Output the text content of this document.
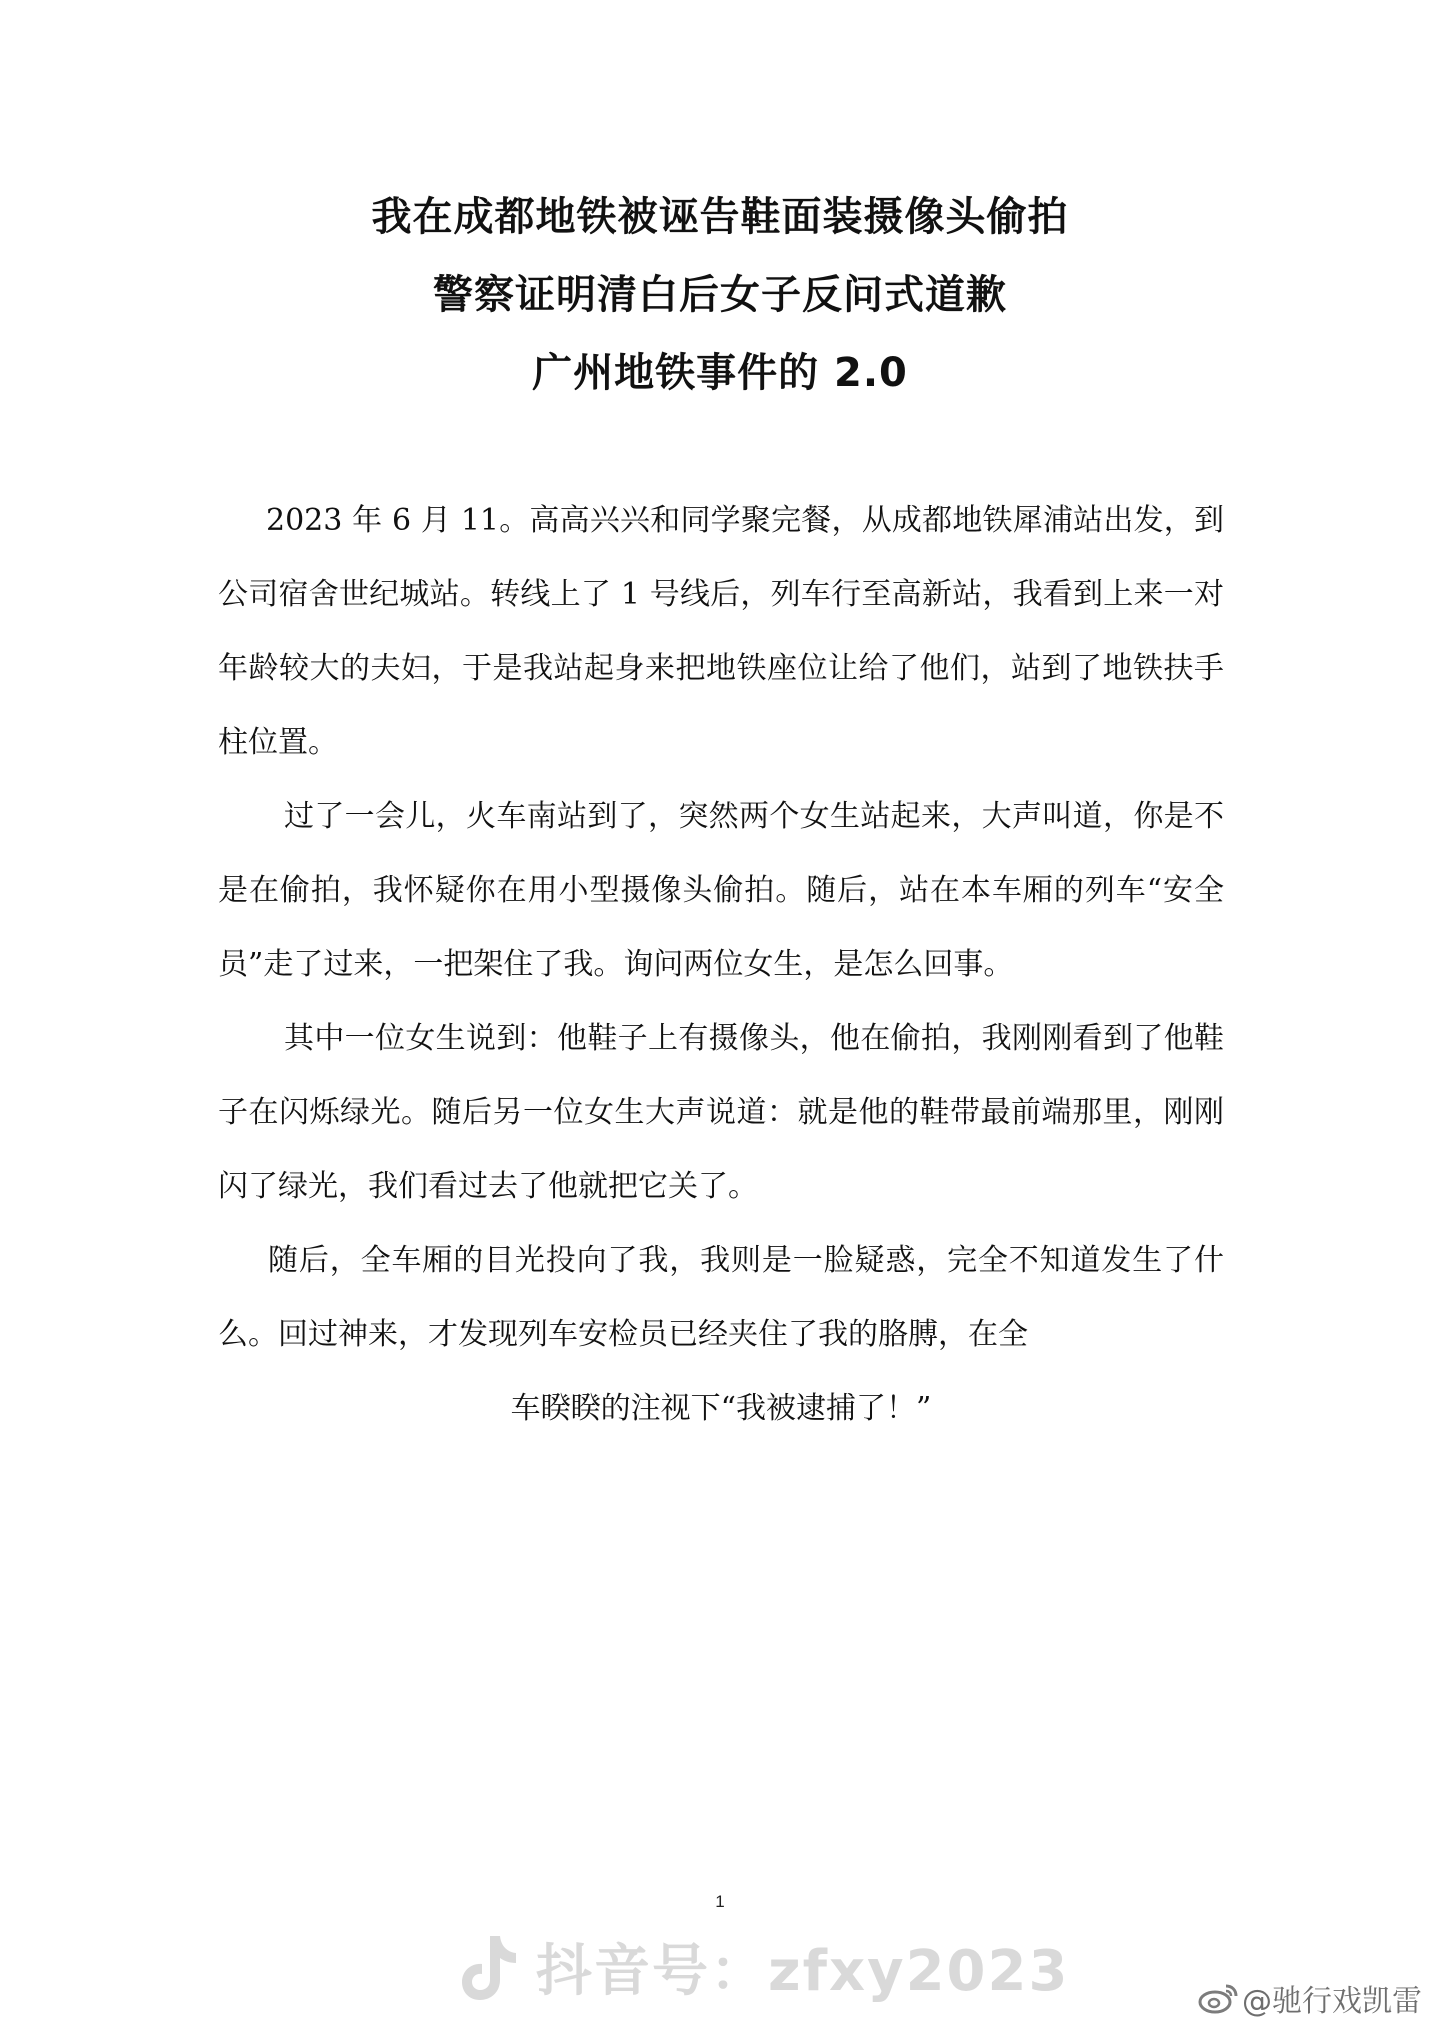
我在成都地铁被诬告鞋面装摄像头偷拍
警察证明清白后女子反问式道歉
广州地铁事件的 2.0

2023 年 6 月 11。高高兴兴和同学聚完餐，从成都地铁犀浦站出发，到公司宿舍世纪城站。转线上了 1 号线后，列车行至高新站，我看到上来一对年龄较大的夫妇，于是我站起身来把地铁座位让给了他们，站到了地铁扶手柱位置。

过了一会儿，火车南站到了，突然两个女生站起来，大声叫道，你是不是在偷拍，我怀疑你在用小型摄像头偷拍。随后，站在本车厢的列车“安全员”走了过来，一把架住了我。询问两位女生，是怎么回事。

其中一位女生说到：他鞋子上有摄像头，他在偷拍，我刚刚看到了他鞋子在闪烁绿光。随后另一位女生大声说道：就是他的鞋带最前端那里，刚刚闪了绿光，我们看过去了他就把它关了。

随后，全车厢的目光投向了我，我则是一脸疑惑，完全不知道发生了什么。回过神来，才发现列车安检员已经夹住了我的胳膊，在全

车睽睽的注视下“我被逮捕了！”

1
抖音号：zfxy2023	@驰行戏凯雷
